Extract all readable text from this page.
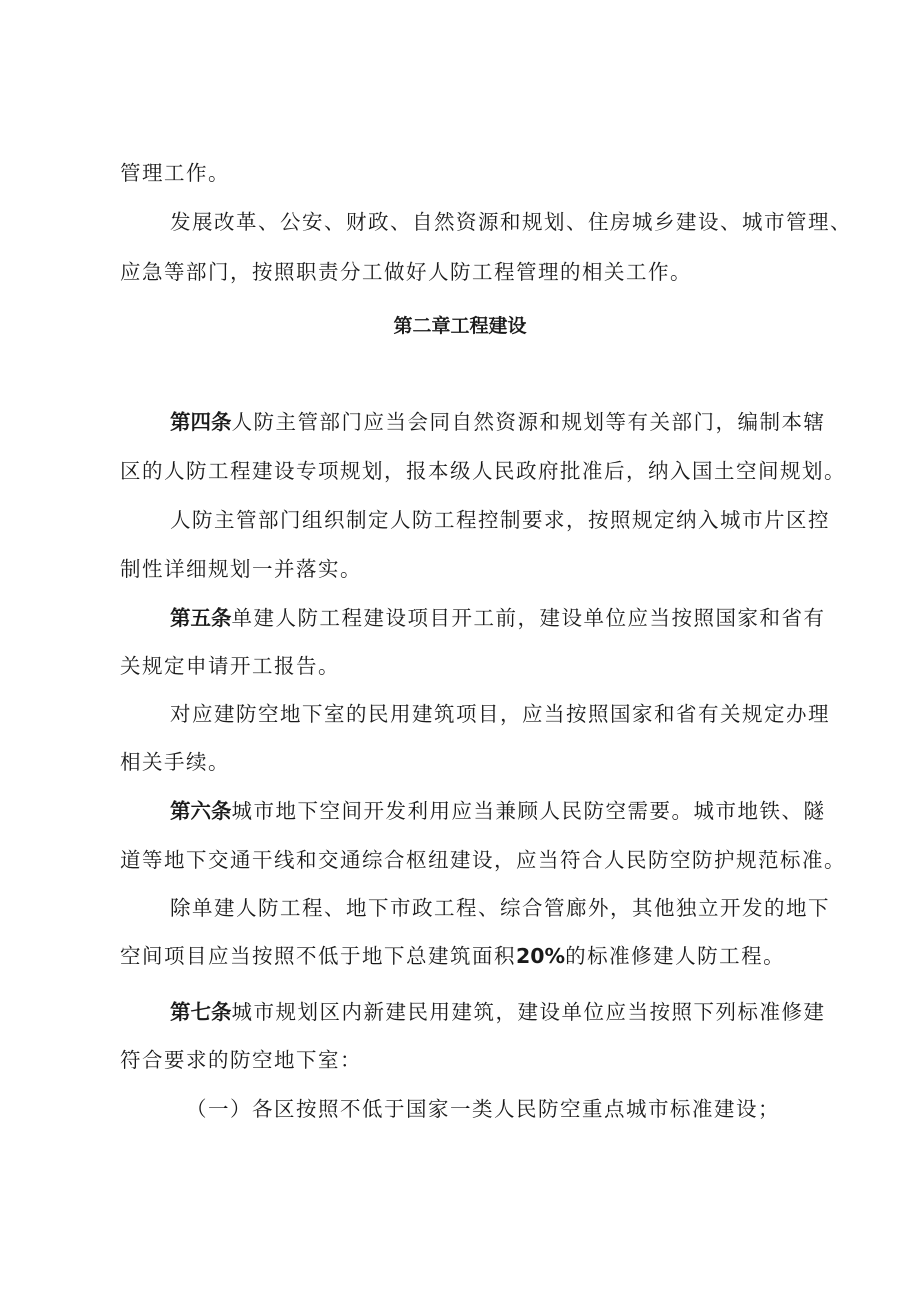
管理工作。
发展改革、公安、财政、自然资源和规划、住房城乡建设、城市管理、
应急等部门，按照职责分工做好人防工程管理的相关工作。
第二章工程建设
第四条人防主管部门应当会同自然资源和规划等有关部门，编制本辖
区的人防工程建设专项规划，报本级人民政府批准后，纳入国土空间规划。
人防主管部门组织制定人防工程控制要求，按照规定纳入城市片区控
制性详细规划一并落实。
第五条单建人防工程建设项目开工前，建设单位应当按照国家和省有
关规定申请开工报告。
对应建防空地下室的民用建筑项目，应当按照国家和省有关规定办理
相关手续。
第六条城市地下空间开发利用应当兼顾人民防空需要。城市地铁、隧
道等地下交通干线和交通综合枢纽建设，应当符合人民防空防护规范标准。
除单建人防工程、地下市政工程、综合管廊外，其他独立开发的地下
空间项目应当按照不低于地下总建筑面积20%的标准修建人防工程。
第七条城市规划区内新建民用建筑，建设单位应当按照下列标准修建
符合要求的防空地下室：
（一）各区按照不低于国家一类人民防空重点城市标准建设；
